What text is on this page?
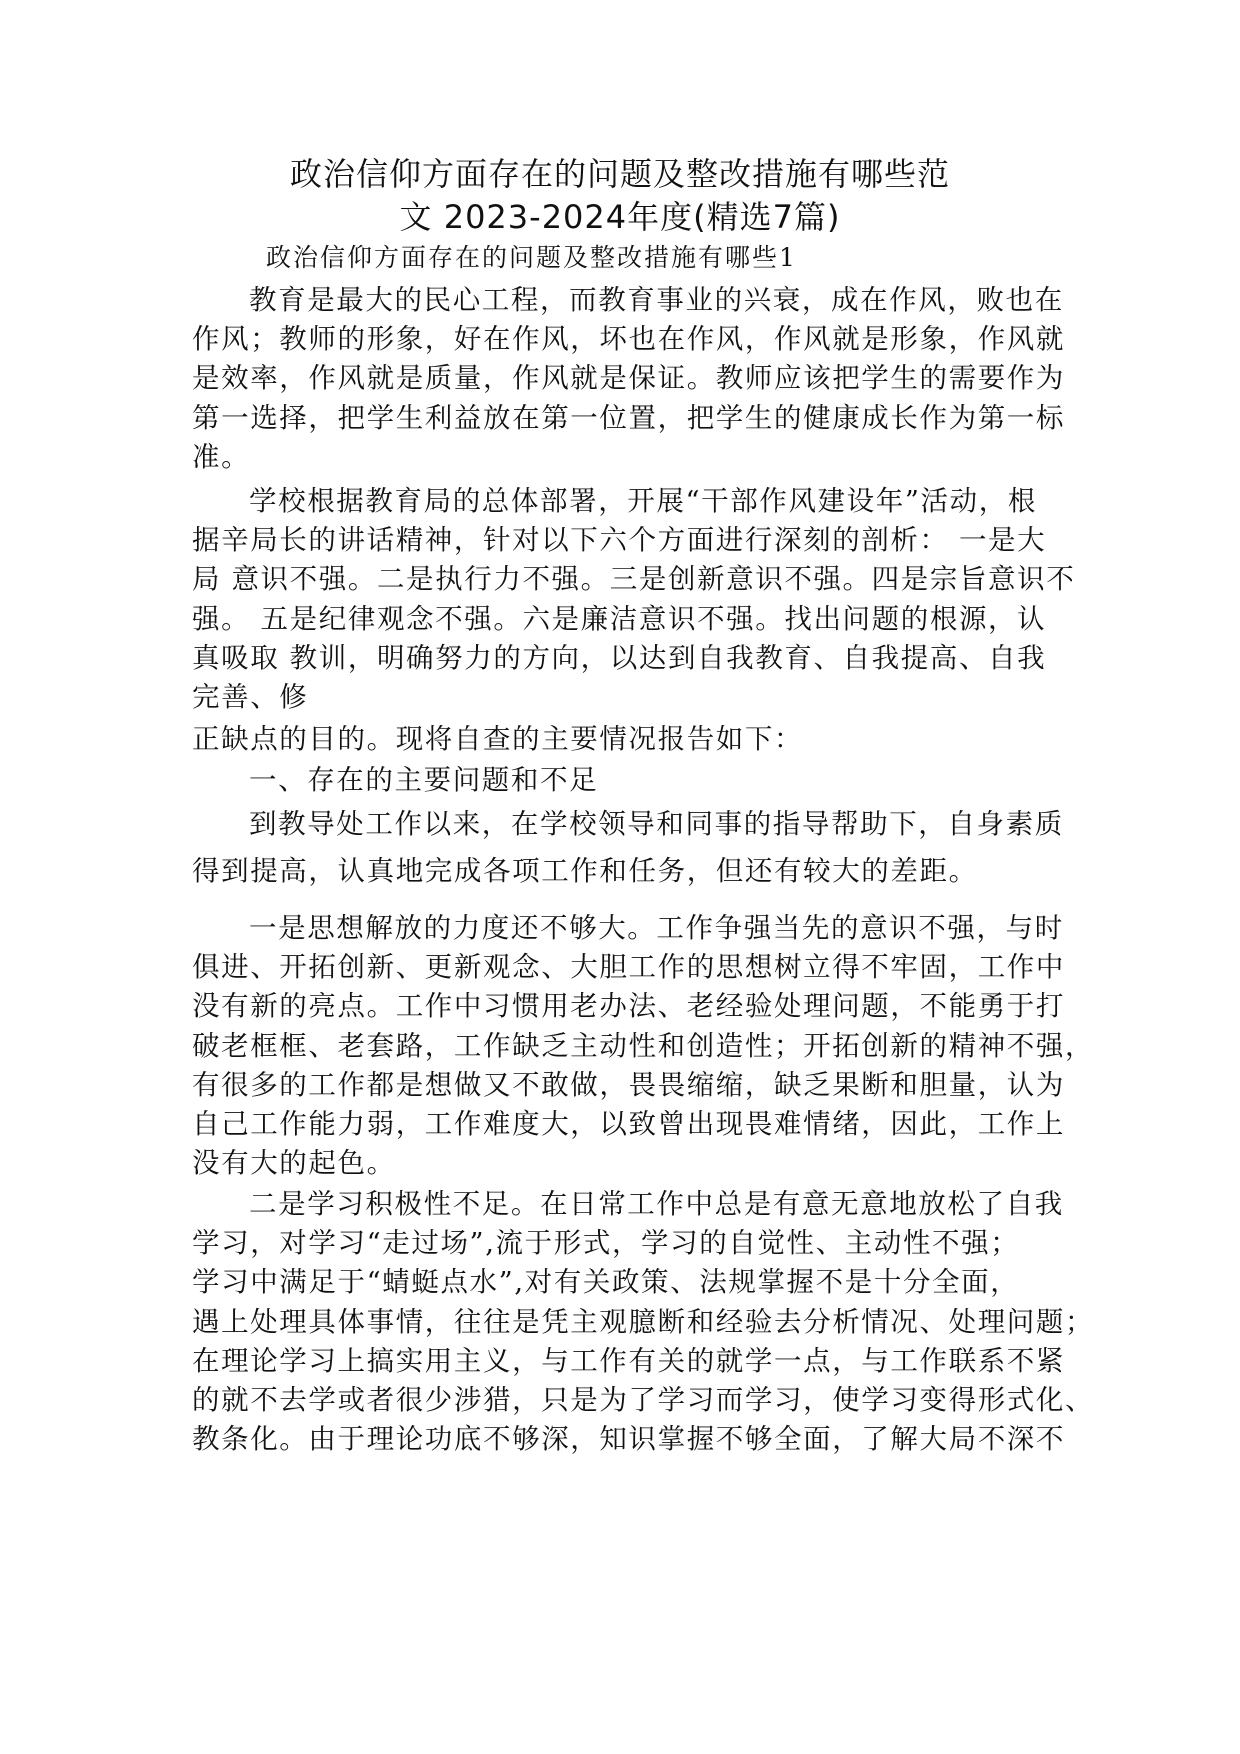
政治信仰方面存在的问题及整改措施有哪些范
文 2023-2024年度(精选7篇)
政治信仰方面存在的问题及整改措施有哪些1
教育是最大的民心工程，而教育事业的兴衰，成在作风，败也在
作风；教师的形象，好在作风，坏也在作风，作风就是形象，作风就
是效率，作风就是质量，作风就是保证。教师应该把学生的需要作为
第一选择，把学生利益放在第一位置，把学生的健康成长作为第一标
准。
学校根据教育局的总体部署，开展“干部作风建设年”活动，根
据辛局长的讲话精神，针对以下六个方面进行深刻的剖析： 一是大
局 意识不强。二是执行力不强。三是创新意识不强。四是宗旨意识不
强。 五是纪律观念不强。六是廉洁意识不强。找出问题的根源，认
真吸取 教训，明确努力的方向，以达到自我教育、自我提高、自我
完善、修
正缺点的目的。现将自查的主要情况报告如下：
一、存在的主要问题和不足
到教导处工作以来，在学校领导和同事的指导帮助下，自身素质
得到提高，认真地完成各项工作和任务，但还有较大的差距。
一是思想解放的力度还不够大。工作争强当先的意识不强，与时
俱进、开拓创新、更新观念、大胆工作的思想树立得不牢固，工作中
没有新的亮点。工作中习惯用老办法、老经验处理问题，不能勇于打
破老框框、老套路，工作缺乏主动性和创造性；开拓创新的精神不强，
有很多的工作都是想做又不敢做，畏畏缩缩，缺乏果断和胆量，认为
自己工作能力弱，工作难度大，以致曾出现畏难情绪，因此，工作上
没有大的起色。
二是学习积极性不足。在日常工作中总是有意无意地放松了自我
学习，对学习“走过场”,流于形式，学习的自觉性、主动性不强；
学习中满足于“蜻蜓点水”,对有关政策、法规掌握不是十分全面，
遇上处理具体事情，往往是凭主观臆断和经验去分析情况、处理问题；
在理论学习上搞实用主义，与工作有关的就学一点，与工作联系不紧
的就不去学或者很少涉猎，只是为了学习而学习，使学习变得形式化、
教条化。由于理论功底不够深，知识掌握不够全面，了解大局不深不
